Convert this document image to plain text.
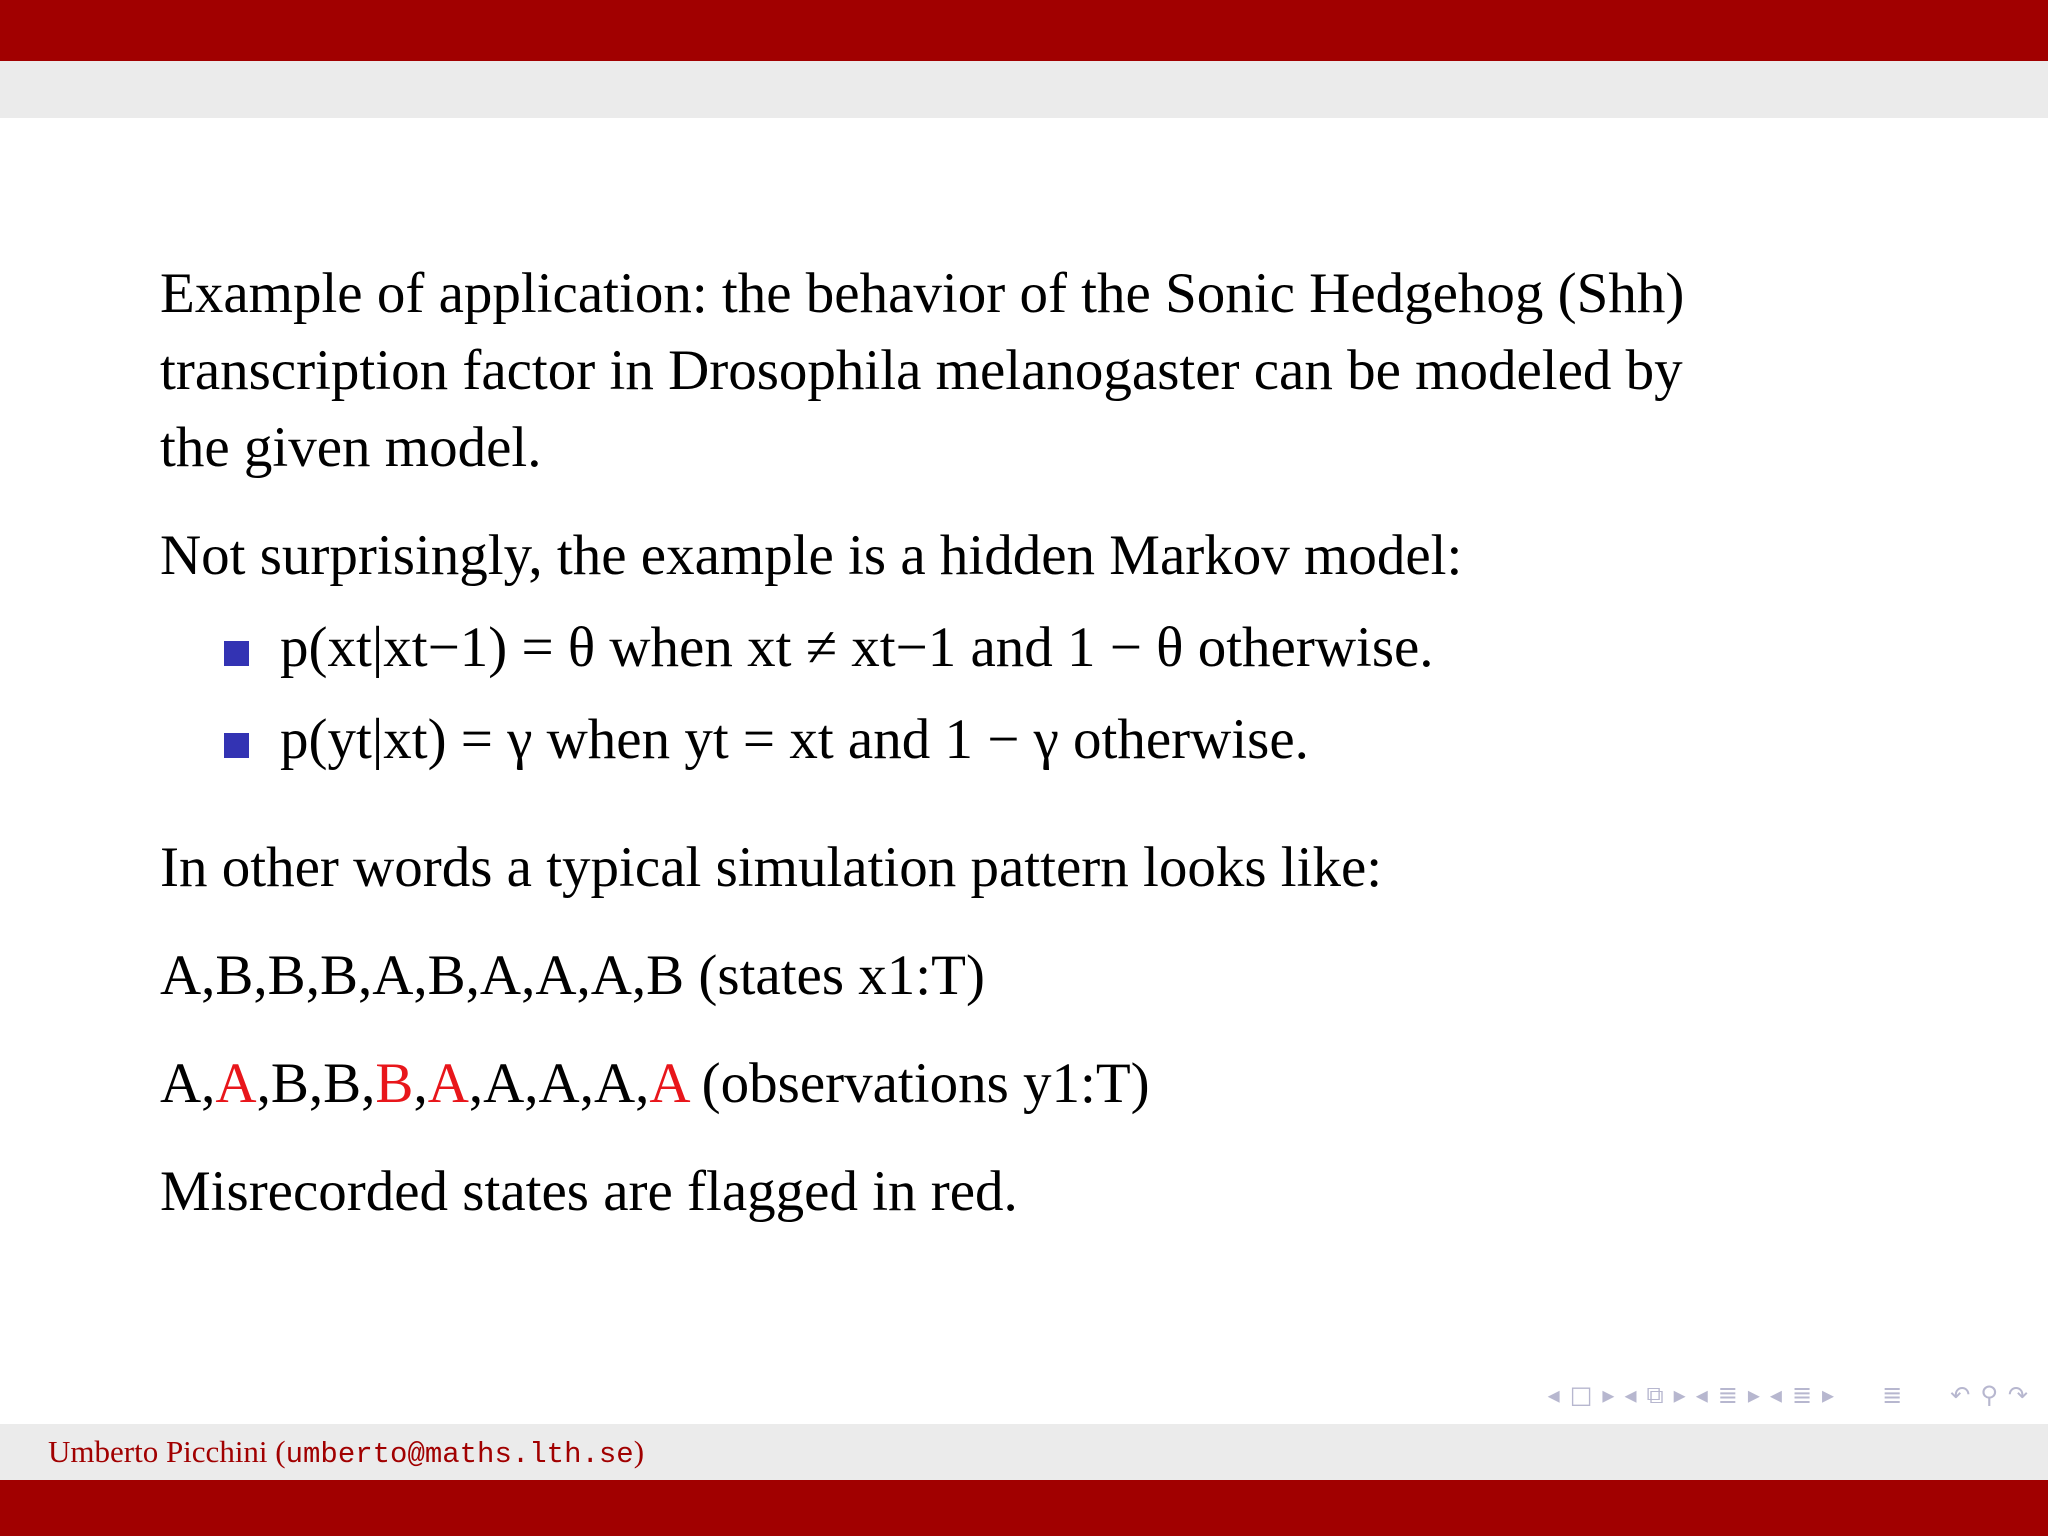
Example of application: the behavior of the Sonic Hedgehog (Shh)
transcription factor in Drosophila melanogaster can be modeled by
the given model.
Not surprisingly, the example is a hidden Markov model:
p(xt|xt−1) = θ when xt ≠ xt−1 and 1 − θ otherwise.
p(yt|xt) = γ when yt = xt and 1 − γ otherwise.
In other words a typical simulation pattern looks like:
A,B,B,B,A,B,A,A,A,B (states x1:T)
A,A,B,B,B,A,A,A,A,A (observations y1:T)
Misrecorded states are flagged in red.
◂ □ ▸ ◂ ⧉ ▸ ◂ ≣ ▸ ◂ ≣ ▸ ≣ ↶ ⚲ ↷
Umberto Picchini (umberto@maths.lth.se)
